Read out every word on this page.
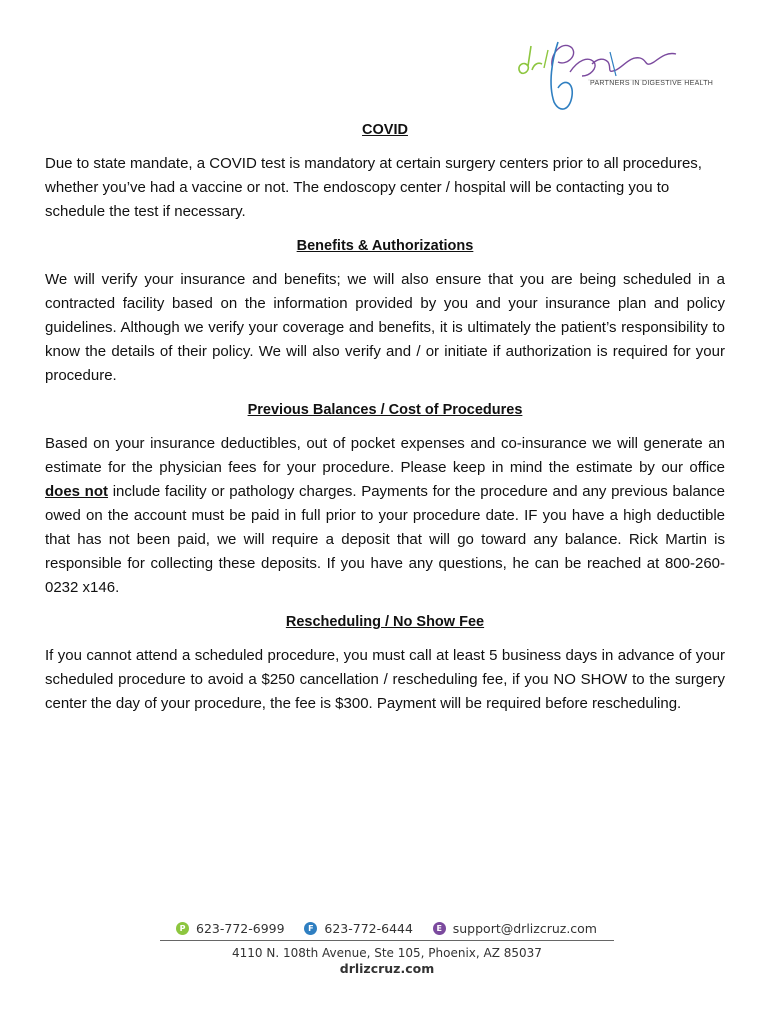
PARTNERS IN DIGESTIVE HEALTH
COVID

Due to state mandate, a COVID test is mandatory at certain surgery centers prior to all procedures, whether you’ve had a vaccine or not. The endoscopy center / hospital will be contacting you to schedule the test if necessary.

Benefits & Authorizations

We will verify your insurance and benefits; we will also ensure that you are being scheduled in a contracted facility based on the information provided by you and your insurance plan and policy guidelines. Although we verify your coverage and benefits, it is ultimately the patient’s responsibility to know the details of their policy. We will also verify and / or initiate if authorization is required for your procedure.

Previous Balances / Cost of Procedures

Based on your insurance deductibles, out of pocket expenses and co-insurance we will generate an estimate for the physician fees for your procedure. Please keep in mind the estimate by our office does not include facility or pathology charges. Payments for the procedure and any previous balance owed on the account must be paid in full prior to your procedure date. IF you have a high deductible that has not been paid, we will require a deposit that will go toward any balance. Rick Martin is responsible for collecting these deposits. If you have any questions, he can be reached at 800-260-0232 x146.

Rescheduling / No Show Fee

If you cannot attend a scheduled procedure, you must call at least 5 business days in advance of your scheduled procedure to avoid a $250 cancellation / rescheduling fee, if you NO SHOW to the surgery center the day of your procedure, the fee is $300. Payment will be required before rescheduling.

P 623-772-6999	F 623-772-6444	E support@drlizcruz.com
4110 N. 108th Avenue, Ste 105, Phoenix, AZ 85037
drlizcruz.com
